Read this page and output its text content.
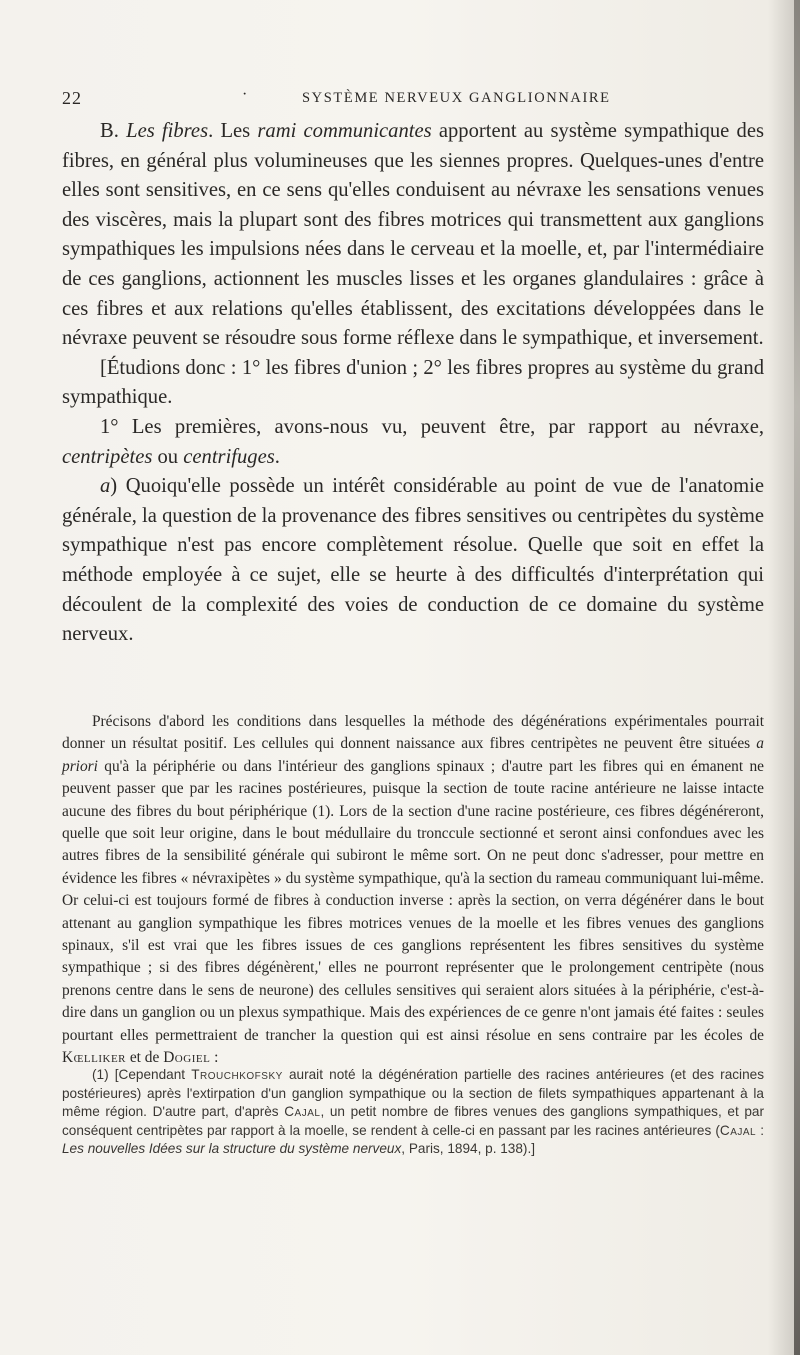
22	·	SYSTÈME NERVEUX GANGLIONNAIRE

B. Les fibres. Les rami communicantes apportent au système sympathique des fibres, en général plus volumineuses que les siennes propres. Quelques-unes d'entre elles sont sensitives, en ce sens qu'elles conduisent au névraxe les sensations venues des viscères, mais la plupart sont des fibres motrices qui transmettent aux ganglions sympathiques les impulsions nées dans le cerveau et la moelle, et, par l'intermédiaire de ces ganglions, actionnent les muscles lisses et les organes glandulaires : grâce à ces fibres et aux relations qu'elles établissent, des excitations développées dans le névraxe peuvent se résoudre sous forme réflexe dans le sympathique, et inversement.

[Étudions donc : 1° les fibres d'union ; 2° les fibres propres au système du grand sympathique.

1° Les premières, avons-nous vu, peuvent être, par rapport au névraxe, centripètes ou centrifuges.

a) Quoiqu'elle possède un intérêt considérable au point de vue de l'anatomie générale, la question de la provenance des fibres sensitives ou centripètes du système sympathique n'est pas encore complètement résolue. Quelle que soit en effet la méthode employée à ce sujet, elle se heurte à des difficultés d'interprétation qui découlent de la complexité des voies de conduction de ce domaine du système nerveux.

Précisons d'abord les conditions dans lesquelles la méthode des dégénérations expérimentales pourrait donner un résultat positif. Les cellules qui donnent naissance aux fibres centripètes ne peuvent être situées a priori qu'à la périphérie ou dans l'intérieur des ganglions spinaux ; d'autre part les fibres qui en émanent ne peuvent passer que par les racines postérieures, puisque la section de toute racine antérieure ne laisse intacte aucune des fibres du bout périphérique (1). Lors de la section d'une racine postérieure, ces fibres dégénéreront, quelle que soit leur origine, dans le bout médullaire du tronccule sectionné et seront ainsi confondues avec les autres fibres de la sensibilité générale qui subiront le même sort. On ne peut donc s'adresser, pour mettre en évidence les fibres « névraxipètes » du système sympathique, qu'à la section du rameau communiquant lui-même. Or celui-ci est toujours formé de fibres à conduction inverse : après la section, on verra dégénérer dans le bout attenant au ganglion sympathique les fibres motrices venues de la moelle et les fibres venues des ganglions spinaux, s'il est vrai que les fibres issues de ces ganglions représentent les fibres sensitives du système sympathique ; si des fibres dégénèrent,' elles ne pourront représenter que le prolongement centripète (nous prenons centre dans le sens de neurone) des cellules sensitives qui seraient alors situées à la périphérie, c'est-à-dire dans un ganglion ou un plexus sympathique. Mais des expériences de ce genre n'ont jamais été faites : seules pourtant elles permettraient de trancher la question qui est ainsi résolue en sens contraire par les écoles de Kœlliker et de Dogiel :

(1) [Cependant Trouchkofsky aurait noté la dégénération partielle des racines antérieures (et des racines postérieures) après l'extirpation d'un ganglion sympathique ou la section de filets sympathiques appartenant à la même région. D'autre part, d'après Cajal, un petit nombre de fibres venues des ganglions sympathiques, et par conséquent centripètes par rapport à la moelle, se rendent à celle-ci en passant par les racines antérieures (Cajal : Les nouvelles Idées sur la structure du système nerveux, Paris, 1894, p. 138).]
